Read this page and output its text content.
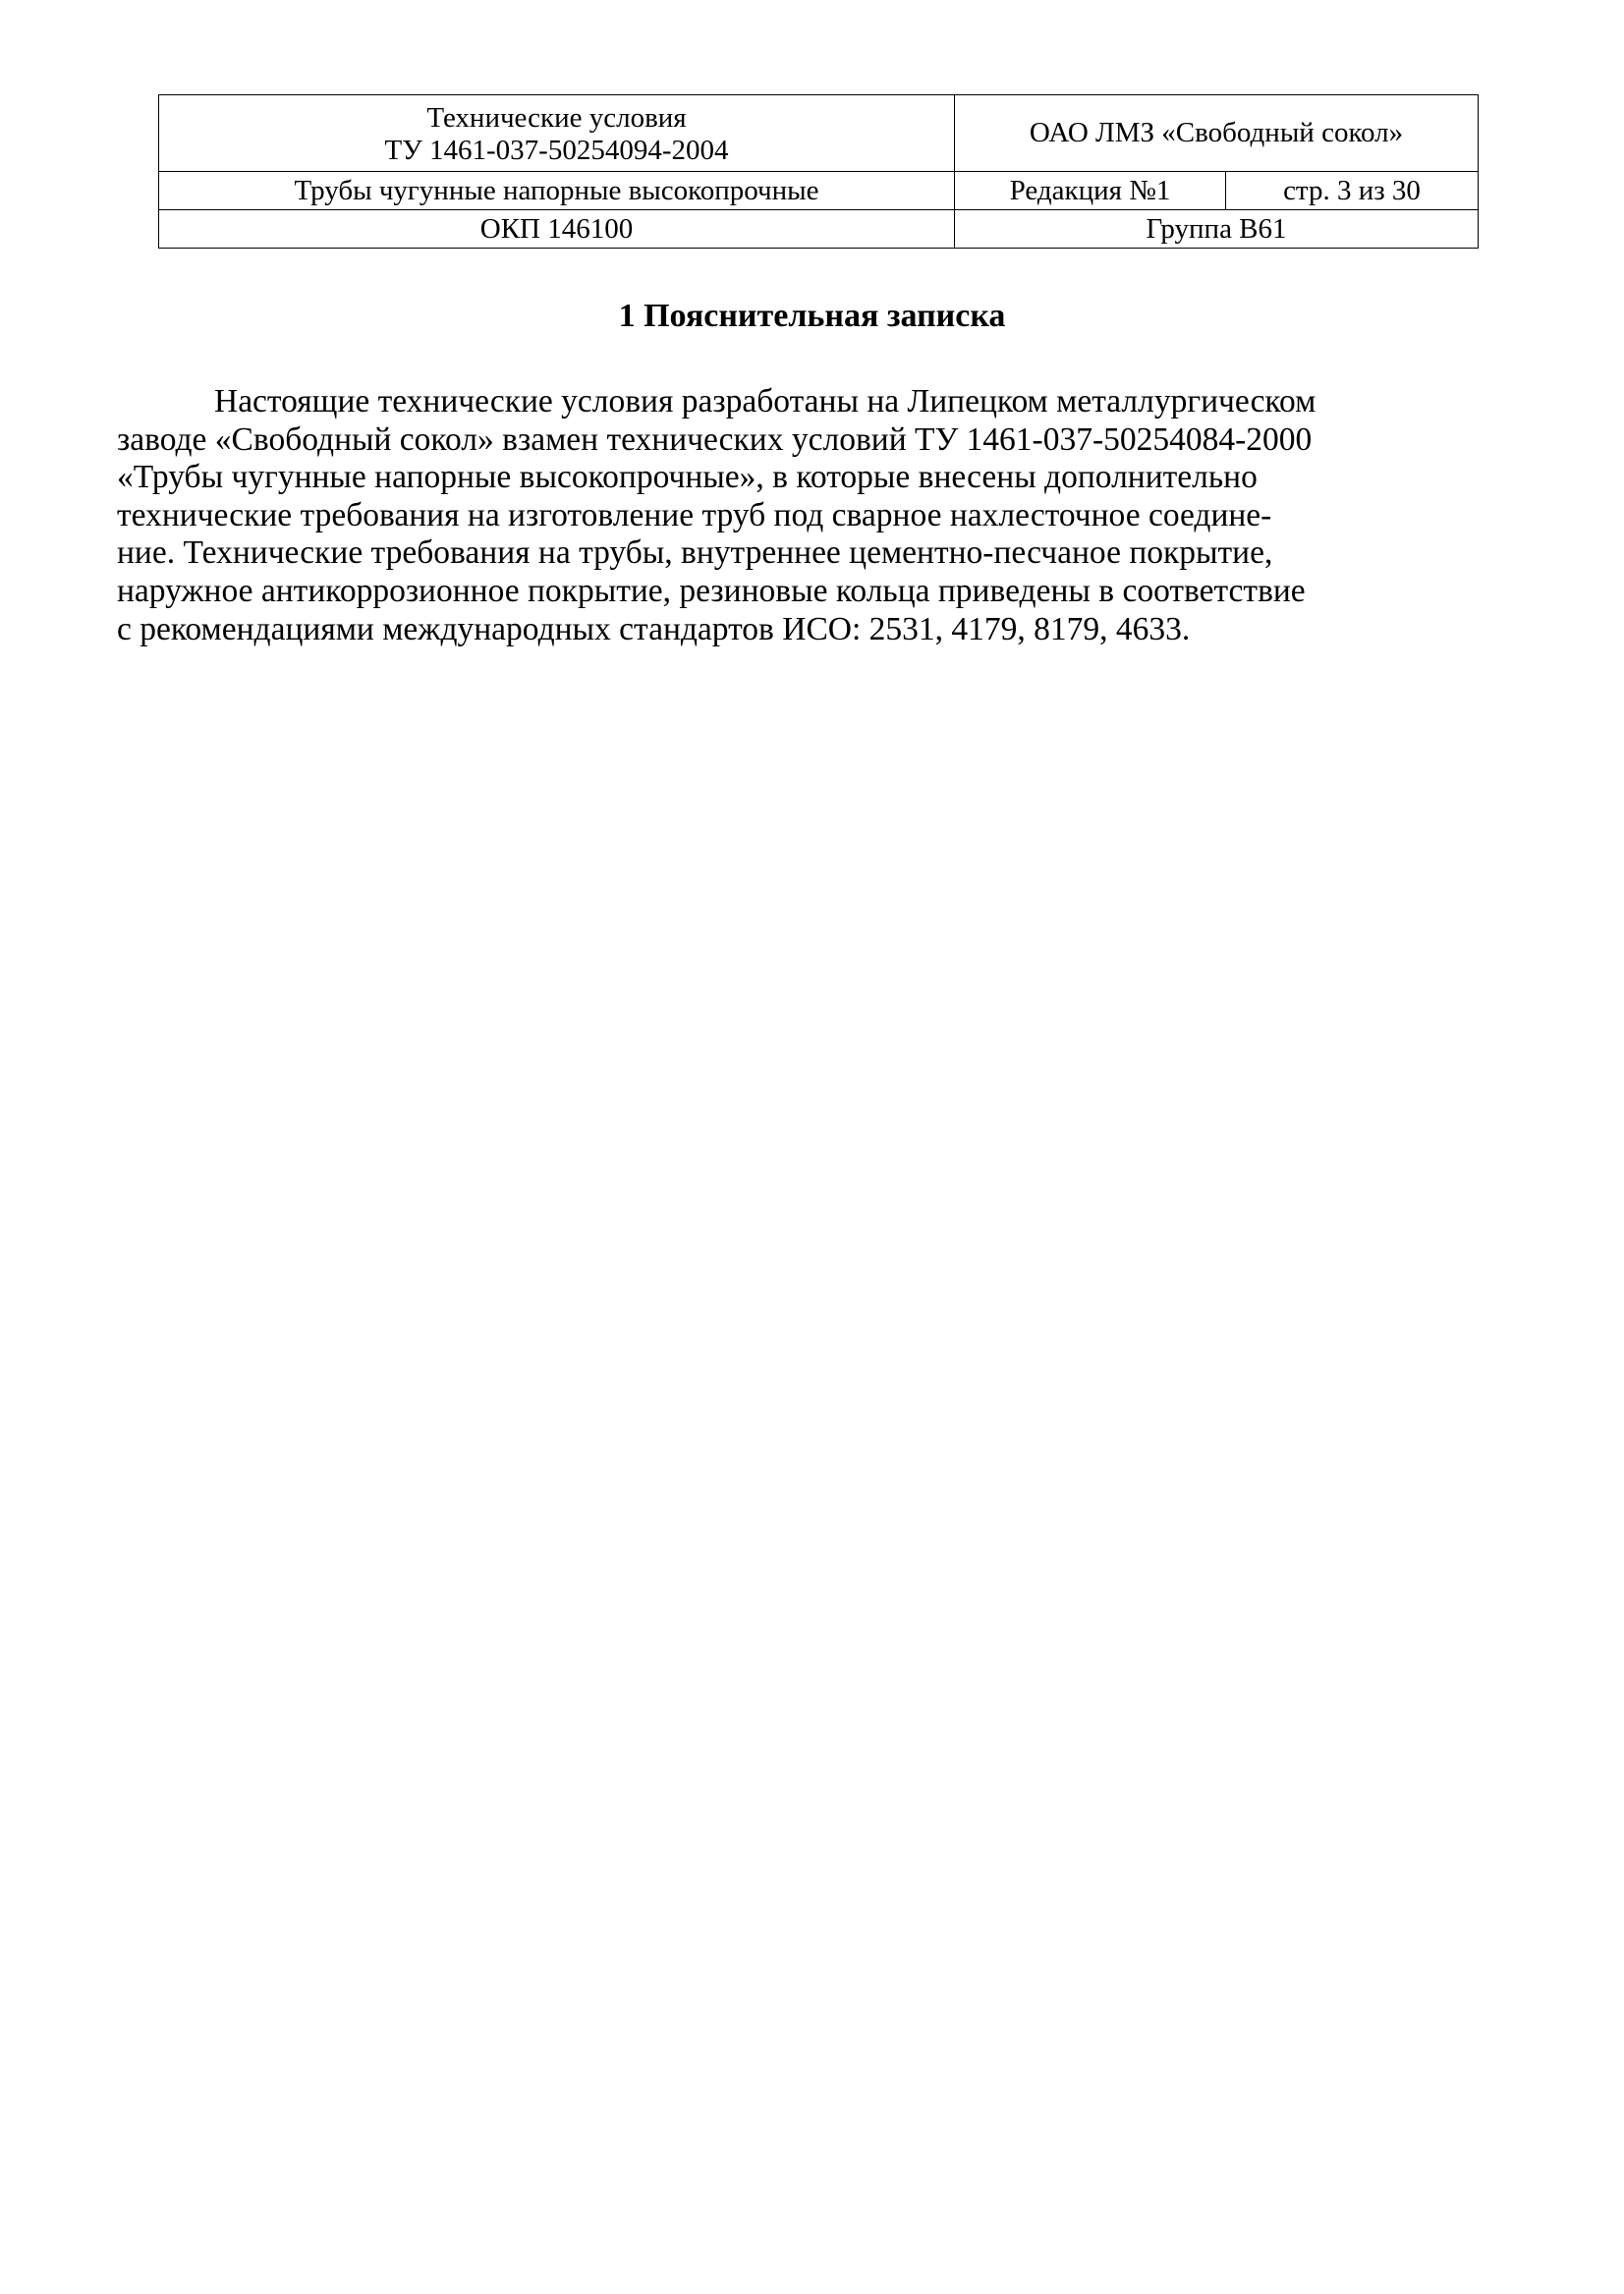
Технические условия
ТУ 1461-037-50254094-2004	ОАО ЛМЗ «Свободный сокол»	
Трубы чугунные напорные высокопрочные	Редакция №1	стр. 3 из 30
ОКП 146100	Группа В61	
1 Пояснительная записка

Настоящие технические условия разработаны на Липецком металлургическом
заводе «Свободный сокол» взамен технических условий ТУ 1461-037-50254084-2000
«Трубы чугунные напорные высокопрочные», в которые внесены дополнительно
технические требования на изготовление труб под сварное нахлесточное соедине-
ние. Технические требования на трубы, внутреннее цементно-песчаное покрытие,
наружное антикоррозионное покрытие, резиновые кольца приведены в соответствие
с рекомендациями международных стандартов ИСО: 2531, 4179, 8179, 4633.
